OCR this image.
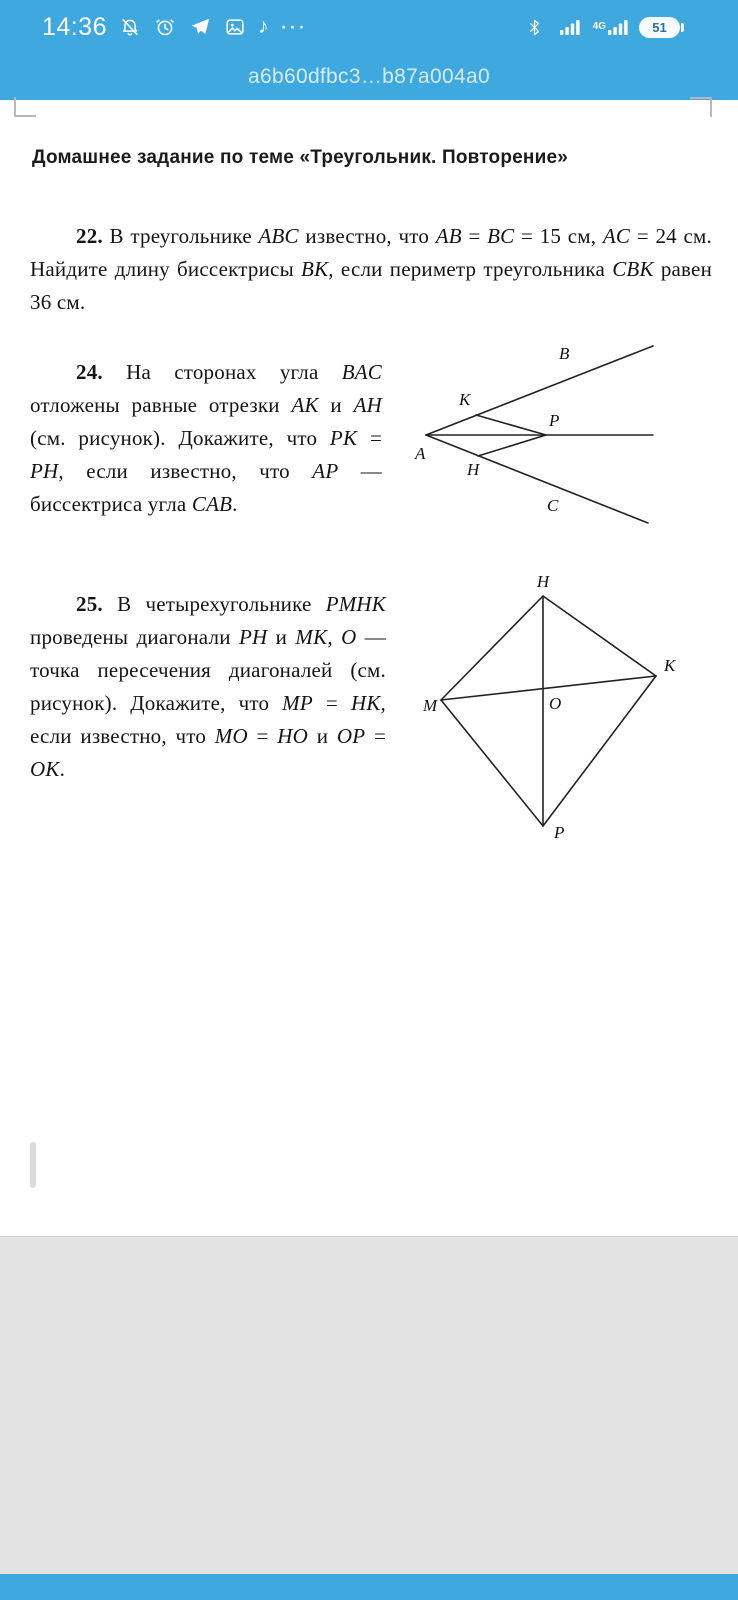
14:36	♪ ···	4G	51
a6b60dfbc3…b87a004a0
Домашнее задание по теме «Треугольник. Повторение»

22. В треугольнике ABC известно, что AB = BC = 15 см, AC = 24 см. Найдите длину биссектрисы BK, если периметр треугольника CBK равен 36 см.

24. На сторонах угла BAC отложены равные отрезки AK и AH (см. рисунок). Докажите, что PK = PH, если известно, что AP — биссектриса угла CAB.

A
B
C
K
H
P

25. В четырехугольнике PMHK проведены диагонали PH и MK, O — точка пересечения диагоналей (см. рисунок). Докажите, что MP = HK, если известно, что MO = HO и OP = OK.

H
K
M
P
O
